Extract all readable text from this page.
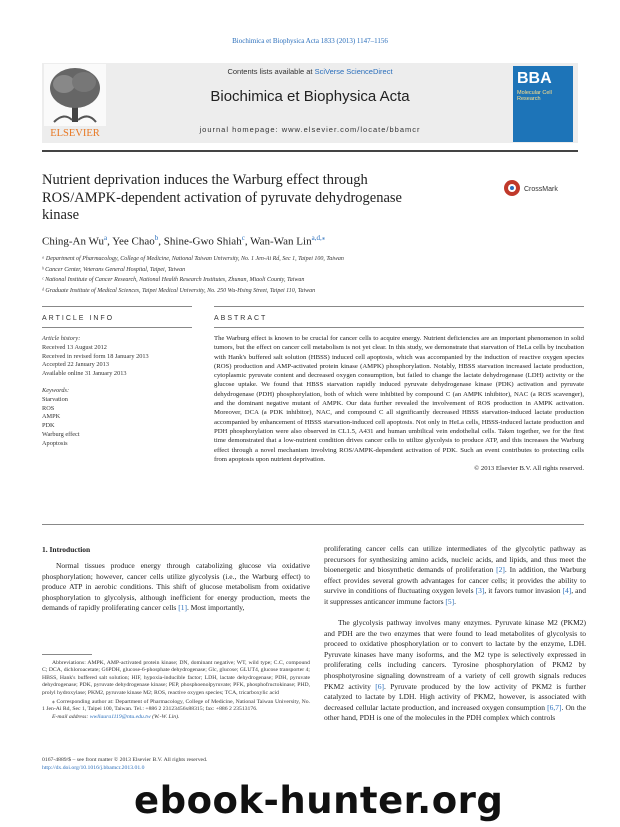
Biochimica et Biophysica Acta 1833 (2013) 1147–1156
ELSEVIER
Contents lists available at SciVerse ScienceDirect
Biochimica et Biophysica Acta
journal homepage: www.elsevier.com/locate/bbamcr
BBA
Molecular Cell Research
Nutrient deprivation induces the Warburg effect through ROS/AMPK-dependent activation of pyruvate dehydrogenase kinase
CrossMark
Ching-An Wu$^a$, Yee Chao$^b$, Shine-Gwo Shiah$^c$, Wan-Wan Lin$^{a,d,⁎}$
ᵃ Department of Pharmacology, College of Medicine, National Taiwan University, No. 1 Jen-Ai Rd, Sec 1, Taipei 100, Taiwan
ᵇ Cancer Center, Veterans General Hospital, Taipei, Taiwan
ᶜ National Institute of Cancer Research, National Health Research Institutes, Zhunan, Miaoli County, Taiwan
ᵈ Graduate Institute of Medical Sciences, Taipei Medical University, No. 250 Wu-Hsing Street, Taipei 110, Taiwan
ARTICLE INFO	ABSTRACT
Article history:
Received 13 August 2012
Received in revised form 18 January 2013
Accepted 22 January 2013
Available online 31 January 2013
Keywords:
Starvation
ROS
AMPK
PDK
Warburg effect
Apoptosis
The Warburg effect is known to be crucial for cancer cells to acquire energy. Nutrient deficiencies are an important phenomenon in solid tumors, but the effect on cancer cell metabolism is not yet clear. In this study, we demonstrate that starvation of HeLa cells by incubation with Hank's buffered salt solution (HBSS) induced cell apoptosis, which was accompanied by the induction of reactive oxygen species (ROS) production and AMP-activated protein kinase (AMPK) phosphorylation. Notably, HBSS starvation increased lactate production, cytoplasmic pyruvate content and decreased oxygen consumption, but failed to change the lactate dehydrogenase (LDH) activity or the glucose uptake. We found that HBSS starvation rapidly induced pyruvate dehydrogenase kinase (PDK) activation and pyruvate dehydrogenase (PDH) phosphorylation, both of which were inhibited by compound C (an AMPK inhibitor), NAC (a ROS scavenger), and the dominant negative mutant of AMPK. Our data further revealed the involvement of ROS production in AMPK activation. Moreover, DCA (a PDK inhibitor), NAC, and compound C all significantly decreased HBSS starvation-induced lactate production accompanied by enhancement of HBSS starvation-induced cell apoptosis. Not only in HeLa cells, HBSS-induced lactate production and PDH phosphorylation were also observed in CL1.5, A431 and human umbilical vein endothelial cells. Taken together, we for the first time demonstrated that a low-nutrient condition drives cancer cells to utilize glycolysis to produce ATP, and this increases the Warburg effect through a novel mechanism involving ROS/AMPK-dependent activation of PDK. Such an event contributes to protecting cells from apoptosis upon nutrient deprivation.
© 2013 Elsevier B.V. All rights reserved.
1. Introduction
Normal tissues produce energy through catabolizing glucose via oxidative phosphorylation; however, cancer cells utilize glycolysis (i.e., the Warburg effect) to produce ATP in aerobic conditions. This shift of glucose metabolism from oxidative phosphorylation to glycolysis, although inefficient for energy production, meets the demands of rapidly proliferating cancer cells [1]. Most importantly,
proliferating cancer cells can utilize intermediates of the glycolytic pathway as precursors for synthesizing amino acids, nucleic acids, and lipids, and thus meet the bioenergetic and biosynthetic demands of proliferation [2]. In addition, the Warburg effect provides several growth advantages for cancer cells; it provides the ability to survive in conditions of fluctuating oxygen levels [3], it favors tumor invasion [4], and it suppresses anticancer immune factors [5].
The glycolysis pathway involves many enzymes. Pyruvate kinase M2 (PKM2) and PDH are the two enzymes that were found to lead metabolites of glycolysis to proceed to oxidative phosphorylation or to convert to lactate by the enzyme, LDH. Pyruvate kinases have many isoforms, and the M2 type is selectively expressed in proliferating cells including cancers. Tyrosine phosphorylation of PKM2 by phosphotyrosine signaling downstream of a variety of cell growth signals reduces PKM2 activity [6]. Pyruvate produced by the low activity of PKM2 is further catalyzed to lactate by LDH. High activity of PKM2, however, is associated with decreased cellular lactate production, and increased oxygen consumption [6,7]. On the other hand, PDH is one of the molecules in the PDH complex which controls
Abbreviations: AMPK, AMP-activated protein kinase; DN, dominant negative; WT, wild type; C.C, compound C; DCA, dichloroacetate; G6PDH, glucose-6-phosphate dehydrogenase; Glc, glucose; GLUT4, glucose transporter 4; HBSS, Hank's buffered salt solution; HIF, hypoxia-inducible factor; LDH, lactate dehydrogenase; PDH, pyruvate dehydrogenase; PDK, pyruvate dehydrogenase kinase; PEP, phosphoenolpyruvate; PFK, phosphofructokinase; PHD, prolyl hydroxylase; PKM2, pyruvate kinase M2; ROS, reactive oxygen species; TCA, tricarboxylic acid
⁎ Corresponding author at: Department of Pharmacology, College of Medicine, National Taiwan University, No. 1 Jen-Ai Rd, Sec 1, Taipei 100, Taiwan. Tel.: +886 2 23123456x88315; fax: +886 2 23513176.
E-mail address: wwllaura1119@ntu.edu.tw (W.-W. Lin).
0167-4889/$ – see front matter © 2013 Elsevier B.V. All rights reserved.
http://dx.doi.org/10.1016/j.bbamcr.2013.01.0
ebook-hunter.org
